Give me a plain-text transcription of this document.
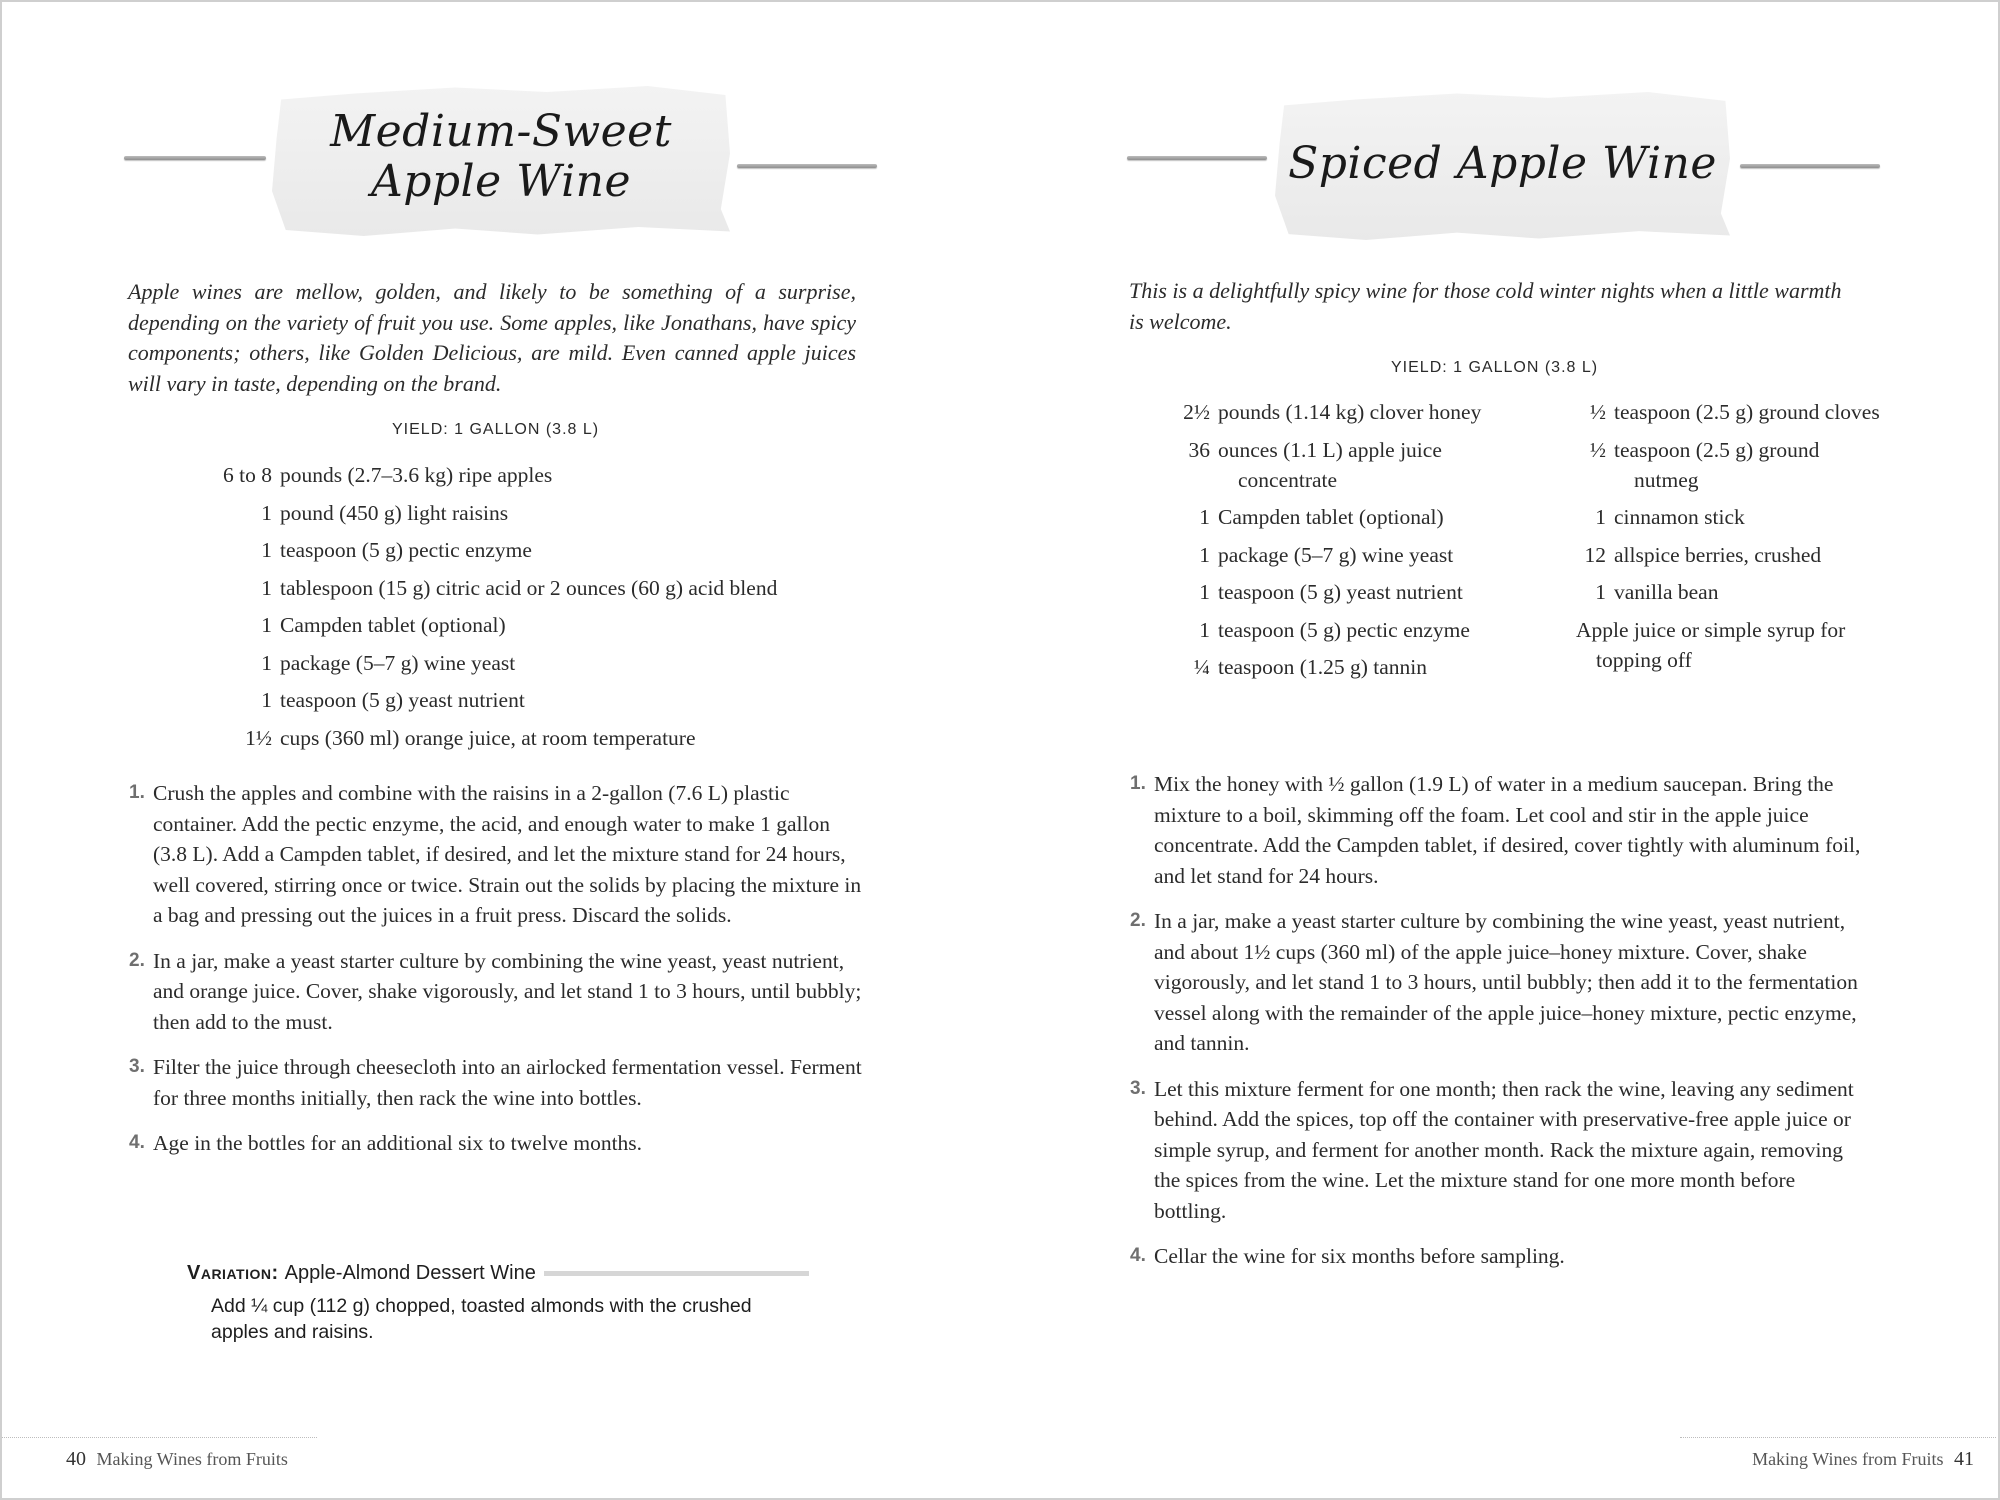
Medium-Sweet
Apple Wine

Apple wines are mellow, golden, and likely to be something of a surprise, depending on the variety of fruit you use. Some apples, like Jonathans, have spicy components; others, like Golden Delicious, are mild. Even canned apple juices will vary in taste, depending on the brand.

YIELD: 1 GALLON (3.8 L)
6 to 8 pounds (2.7–3.6 kg) ripe apples
1 pound (450 g) light raisins
1 teaspoon (5 g) pectic enzyme
1 tablespoon (15 g) citric acid or 2 ounces (60 g) acid blend
1 Campden tablet (optional)
1 package (5–7 g) wine yeast
1 teaspoon (5 g) yeast nutrient
1½ cups (360 ml) orange juice, at room temperature
1. Crush the apples and combine with the raisins in a 2-gallon (7.6 L) plastic container. Add the pectic enzyme, the acid, and enough water to make 1 gallon (3.8 L). Add a Campden tablet, if desired, and let the mixture stand for 24 hours, well covered, stirring once or twice. Strain out the solids by placing the mixture in a bag and pressing out the juices in a fruit press. Discard the solids.
2. In a jar, make a yeast starter culture by combining the wine yeast, yeast nutrient, and orange juice. Cover, shake vigorously, and let stand 1 to 3 hours, until bubbly; then add to the must.
3. Filter the juice through cheesecloth into an airlocked fermentation vessel. Ferment for three months initially, then rack the wine into bottles.
4. Age in the bottles for an additional six to twelve months.
Variation: Apple-Almond Dessert Wine
Add ¼ cup (112 g) chopped, toasted almonds with the crushed apples and raisins.
40 Making Wines from Fruits
Spiced Apple Wine

This is a delightfully spicy wine for those cold winter nights when a little warmth is welcome.

YIELD: 1 GALLON (3.8 L)
2½ pounds (1.14 kg) clover honey
36 ounces (1.1 L) apple juice concentrate
1 Campden tablet (optional)
1 package (5–7 g) wine yeast
1 teaspoon (5 g) yeast nutrient
1 teaspoon (5 g) pectic enzyme
¼ teaspoon (1.25 g) tannin
½ teaspoon (2.5 g) ground cloves
½ teaspoon (2.5 g) ground nutmeg
1 cinnamon stick
12 allspice berries, crushed
1 vanilla bean
Apple juice or simple syrup for topping off
1. Mix the honey with ½ gallon (1.9 L) of water in a medium saucepan. Bring the mixture to a boil, skimming off the foam. Let cool and stir in the apple juice concentrate. Add the Campden tablet, if desired, cover tightly with aluminum foil, and let stand for 24 hours.
2. In a jar, make a yeast starter culture by combining the wine yeast, yeast nutrient, and about 1½ cups (360 ml) of the apple juice–honey mixture. Cover, shake vigorously, and let stand 1 to 3 hours, until bubbly; then add it to the fermentation vessel along with the remainder of the apple juice–honey mixture, pectic enzyme, and tannin.
3. Let this mixture ferment for one month; then rack the wine, leaving any sediment behind. Add the spices, top off the container with preservative-free apple juice or simple syrup, and ferment for another month. Rack the mixture again, removing the spices from the wine. Let the mixture stand for one more month before bottling.
4. Cellar the wine for six months before sampling.
Making Wines from Fruits 41
